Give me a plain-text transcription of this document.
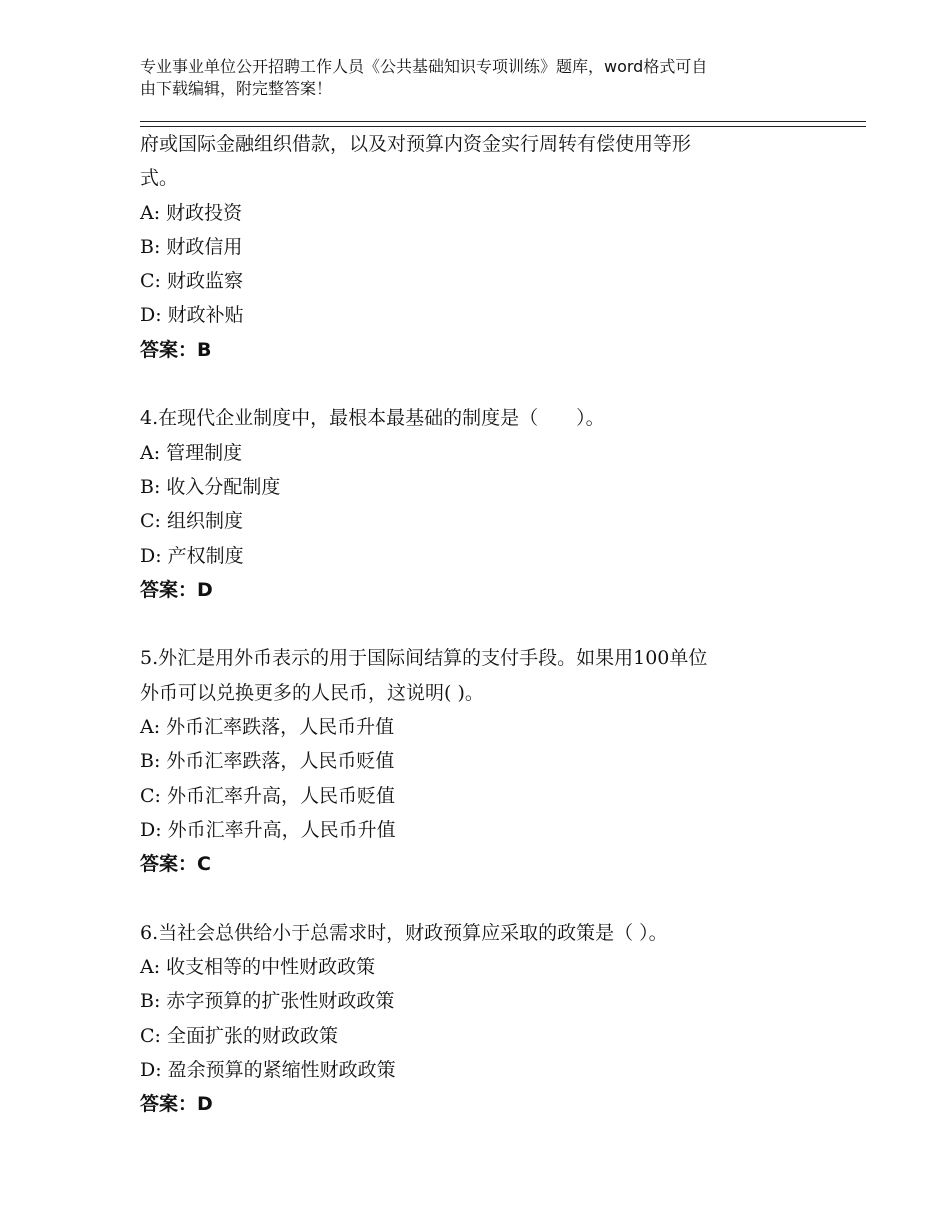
专业事业单位公开招聘工作人员《公共基础知识专项训练》题库，word格式可自
由下载编辑，附完整答案！
府或国际金融组织借款，以及对预算内资金实行周转有偿使用等形
式。
A: 财政投资
B: 财政信用
C: 财政监察
D: 财政补贴
答案：B
4.在现代企业制度中，最根本最基础的制度是（　　）。
A: 管理制度
B: 收入分配制度
C: 组织制度
D: 产权制度
答案：D
5.外汇是用外币表示的用于国际间结算的支付手段。如果用100单位
外币可以兑换更多的人民币，这说明( )。
A: 外币汇率跌落，人民币升值
B: 外币汇率跌落，人民币贬值
C: 外币汇率升高，人民币贬值
D: 外币汇率升高，人民币升值
答案：C
6.当社会总供给小于总需求时，财政预算应采取的政策是（ ）。
A: 收支相等的中性财政政策
B: 赤字预算的扩张性财政政策
C: 全面扩张的财政政策
D: 盈余预算的紧缩性财政政策
答案：D
